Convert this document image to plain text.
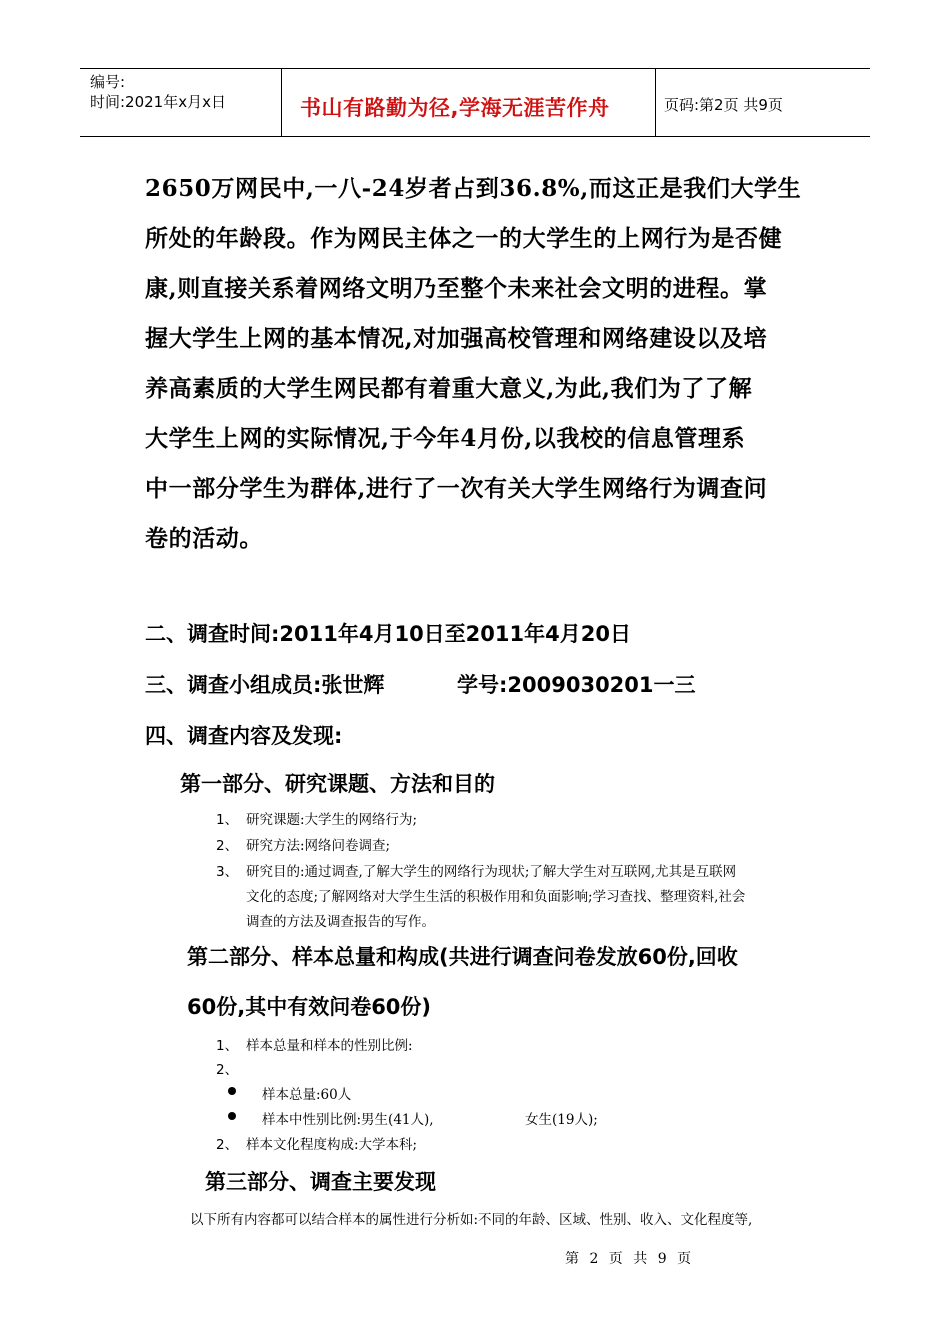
编号:
时间:2021年x月x日	书山有路勤为径,学海无涯苦作舟	页码:第2页 共9页
2650万网民中,一八-24岁者占到36.8%,而这正是我们大学生
所处的年龄段。作为网民主体之一的大学生的上网行为是否健
康,则直接关系着网络文明乃至整个未来社会文明的进程。掌
握大学生上网的基本情况,对加强高校管理和网络建设以及培
养高素质的大学生网民都有着重大意义,为此,我们为了了解
大学生上网的实际情况,于今年4月份,以我校的信息管理系
中一部分学生为群体,进行了一次有关大学生网络行为调查问
卷的活动。
二、调查时间:2011年4月10日至2011年4月20日
三、调查小组成员:张世辉	学号:2009030201一三
四、调查内容及发现:
第一部分、研究课题、方法和目的
1、 研究课题:大学生的网络行为;
2、 研究方法:网络问卷调查;
3、 研究目的:通过调查,了解大学生的网络行为现状;了解大学生对互联网,尤其是互联网
文化的态度;了解网络对大学生生活的积极作用和负面影响;学习查找、整理资料,社会
调查的方法及调查报告的写作。
第二部分、样本总量和构成(共进行调查问卷发放60份,回收
60份,其中有效问卷60份)
1、 样本总量和样本的性别比例:
2、
样本总量:60人
样本中性别比例:男生(41人),	女生(19人);
2、 样本文化程度构成:大学本科;
第三部分、调查主要发现
以下所有内容都可以结合样本的属性进行分析如:不同的年龄、区域、性别、收入、文化程度等,
第 2 页 共 9 页
